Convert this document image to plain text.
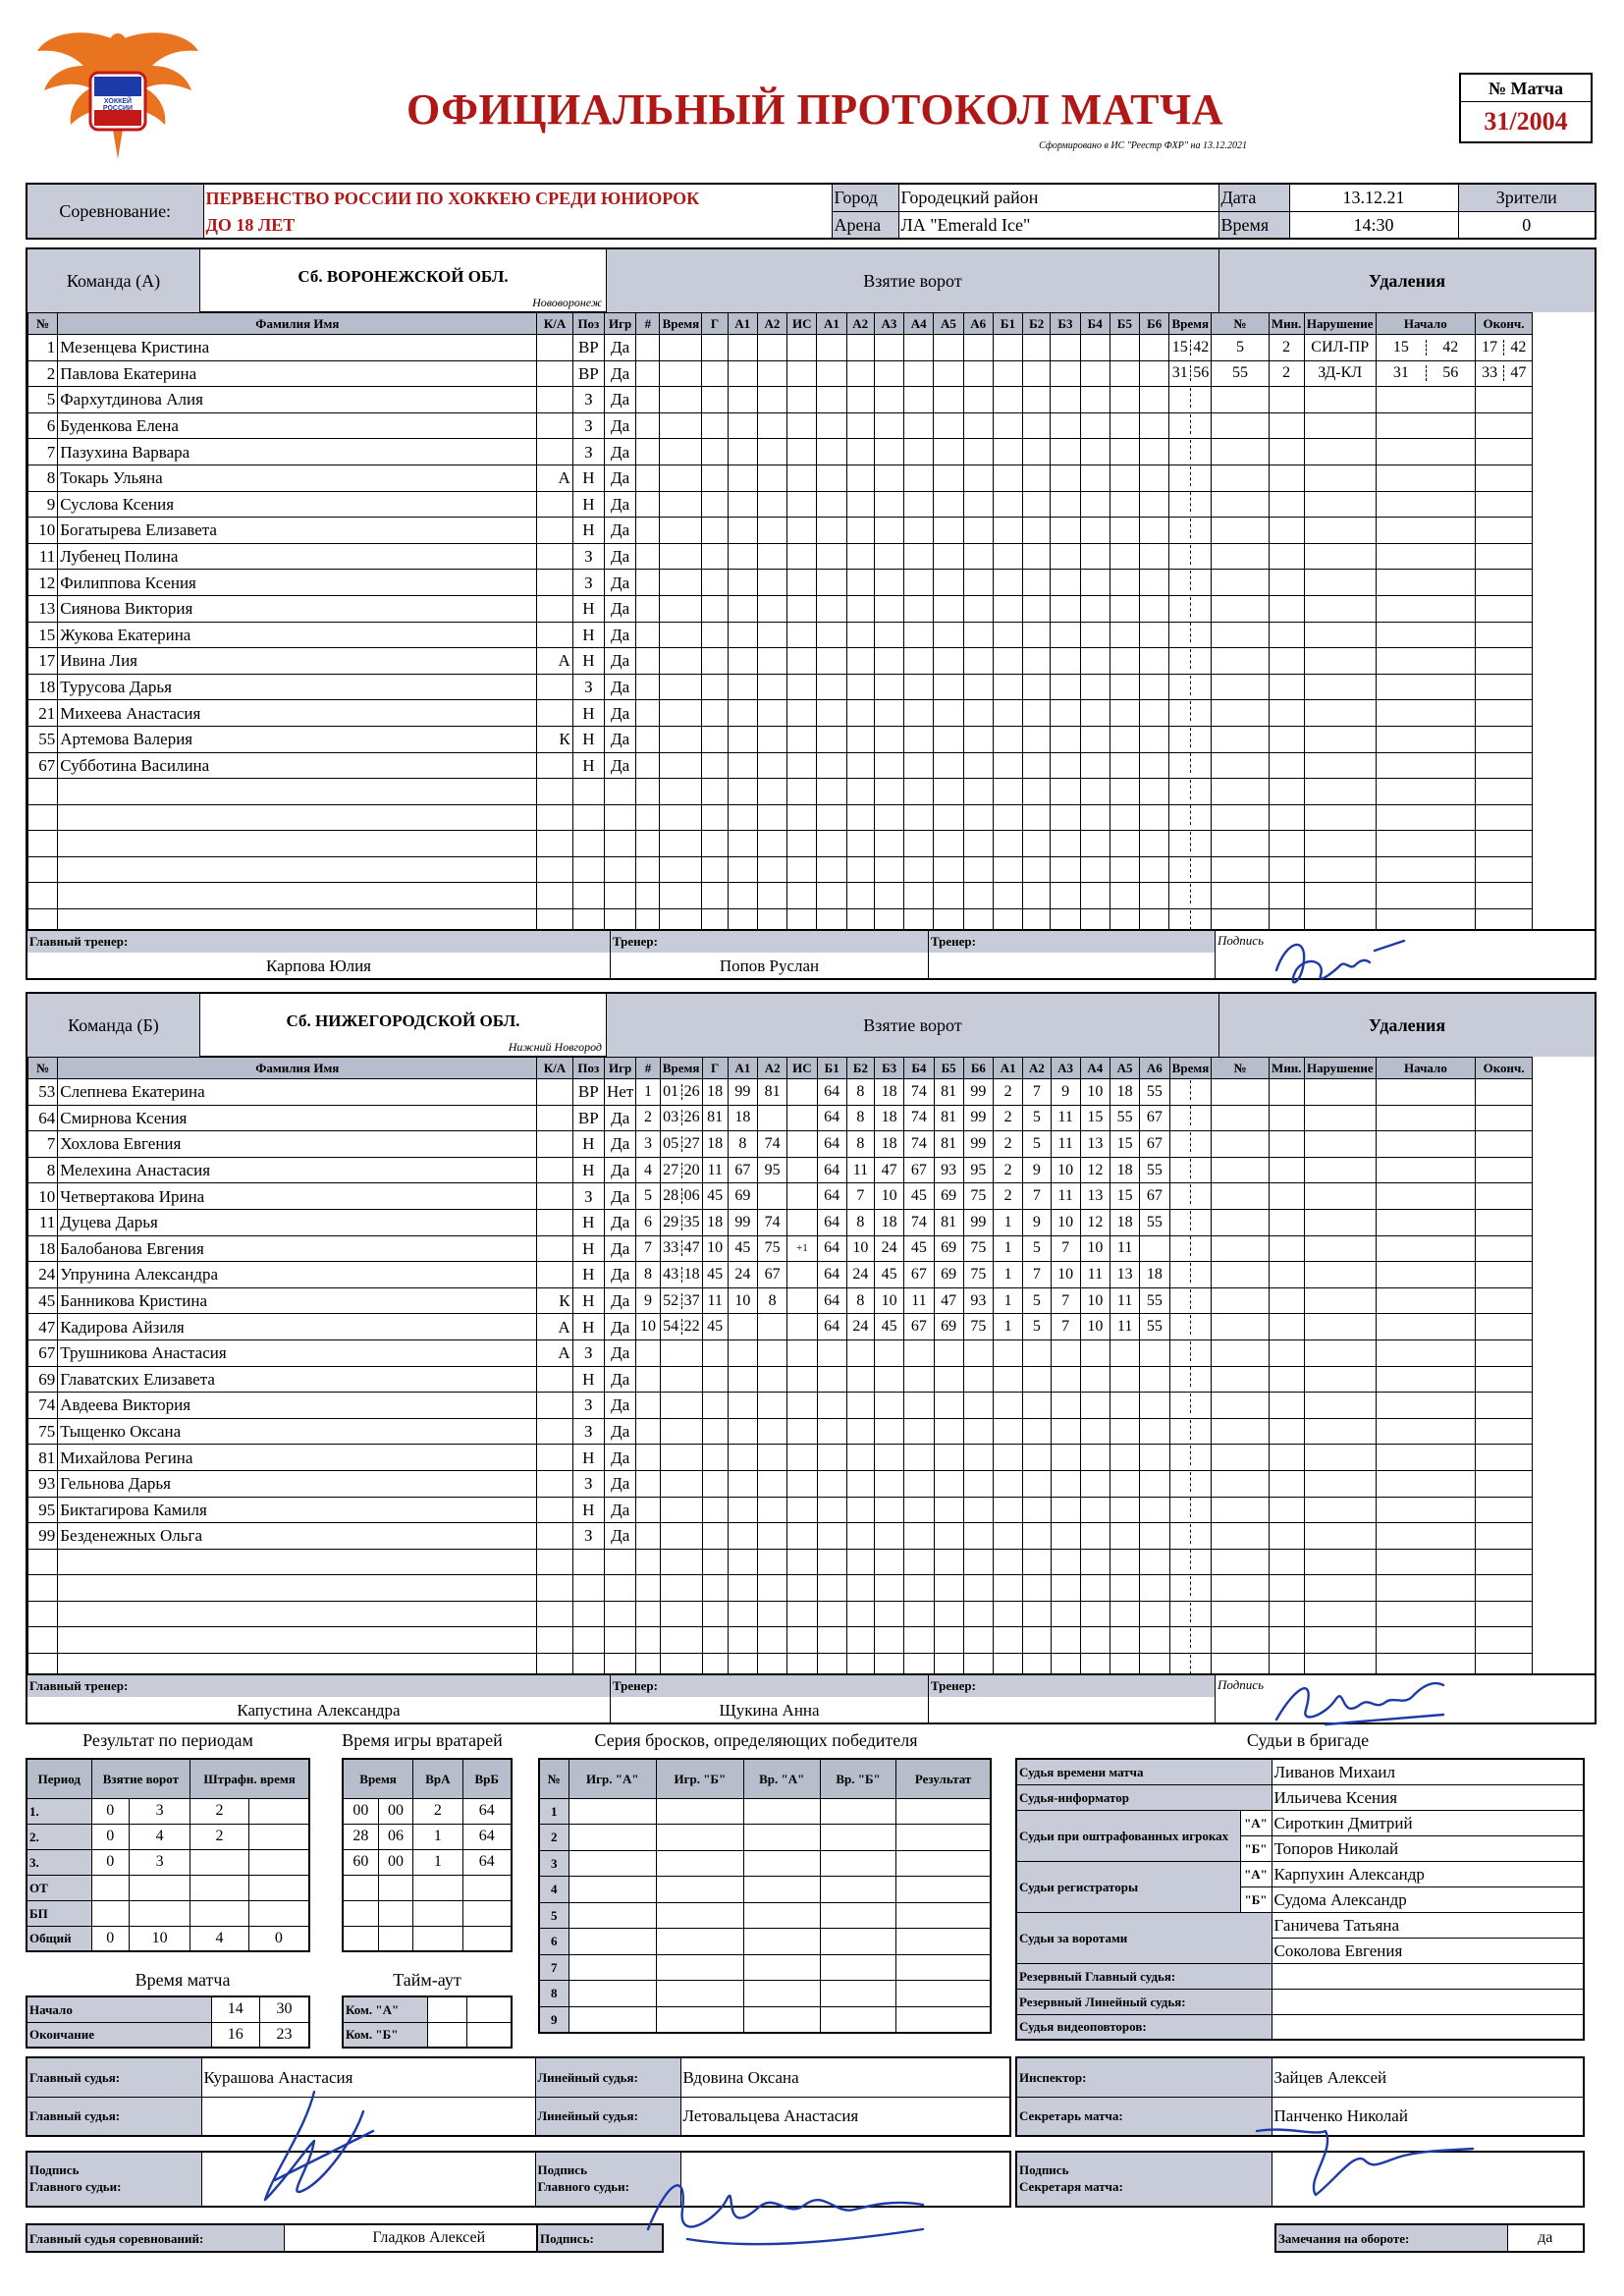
ХОККЕЙ РОССИИ	ОФИЦИАЛЬНЫЙ ПРОТОКОЛ МАТЧА
Сформировано в ИС "Реестр ФХР" на 13.12.2021
№ Матча
31/2004
Соревнование:	ПЕРВЕНСТВО РОССИИ ПО ХОККЕЮ СРЕДИ ЮНИОРОК	Город	Городецкий район	Дата	13.12.21	Зрители
	ДО 18 ЛЕТ	Арена	ЛА "Emerald Ice"	Время	14:30	0
Команда (А)	Сб. ВОРОНЕЖСКОЙ ОБЛ.
Нововоронеж
Взятие ворот	Удаления
№	Фамилия Имя	К/А	Поз	Игр	#	Время	Г	А1	А2	ИС	А1	А2	А3	А4	А5	А6	Б1	Б2	Б3	Б4	Б5	Б6	Время	№	Мин.	Нарушение	Начало	Оконч.
1	Мезенцева Кристина		ВР	Да																			15 42	5	2	СИЛ-ПР	15 42	17 42
2	Павлова Екатерина		ВР	Да																			31 56	55	2	ЗД-КЛ	31 56	33 47
5	Фархутдинова Алия		З	Да																								
6	Буденкова Елена		З	Да																								
7	Пазухина Варвара		З	Да																								
8	Токарь Ульяна	А	Н	Да																								
9	Суслова Ксения		Н	Да																								
10	Богатырева Елизавета		Н	Да																								
11	Лубенец Полина		З	Да																								
12	Филиппова Ксения		З	Да																								
13	Сиянова Виктория		Н	Да																								
15	Жукова Екатерина		Н	Да																								
17	Ивина Лия	А	Н	Да																								
18	Турусова Дарья		З	Да																								
21	Михеева Анастасия		Н	Да																								
55	Артемова Валерия	К	Н	Да																								
67	Субботина Василина		Н	Да																								

Главный тренер:
Карпова Юлия
Тренер:
Попов Руслан
Тренер:	Подпись
Команда (Б)	Сб. НИЖЕГОРОДСКОЙ ОБЛ.
Нижний Новгород
Взятие ворот	Удаления
№	Фамилия Имя	К/А	Поз	Игр	#	Время	Г	А1	А2	ИС	Б1	Б2	Б3	Б4	Б5	Б6	А1	А2	А3	А4	А5	А6	Время	№	Мин.	Нарушение	Начало	Оконч.
53	Слепнева Екатерина		ВР	Нет	1	01 26	18	99	81		64	8	18	74	81	99	2	7	9	10	18	55						
64	Смирнова Ксения		ВР	Да	2	03 26	81	18			64	8	18	74	81	99	2	5	11	15	55	67						
7	Хохлова Евгения		Н	Да	3	05 27	18	8	74		64	8	18	74	81	99	2	5	11	13	15	67						
8	Мелехина Анастасия		Н	Да	4	27 20	11	67	95		64	11	47	67	93	95	2	9	10	12	18	55						
10	Четвертакова Ирина		З	Да	5	28 06	45	69			64	7	10	45	69	75	2	7	11	13	15	67						
11	Дуцева Дарья		Н	Да	6	29 35	18	99	74		64	8	18	74	81	99	1	9	10	12	18	55						
18	Балобанова Евгения		Н	Да	7	33 47	10	45	75	+1	64	10	24	45	69	75	1	5	7	10	11							
24	Упрунина Александра		Н	Да	8	43 18	45	24	67		64	24	45	67	69	75	1	7	10	11	13	18						
45	Банникова Кристина	К	Н	Да	9	52 37	11	10	8		64	8	10	11	47	93	1	5	7	10	11	55						
47	Кадирова Айзиля	А	Н	Да	10	54 22	45				64	24	45	67	69	75	1	5	7	10	11	55						
67	Трушникова Анастасия	А	З	Да																								
69	Главатских Елизавета		Н	Да																								
74	Авдеева Виктория		З	Да																								
75	Тыщенко Оксана		З	Да																								
81	Михайлова Регина		Н	Да																								
93	Гельнова Дарья		З	Да																								
95	Биктагирова Камиля		Н	Да																								
99	Безденежных Ольга		З	Да																								

Главный тренер:
Капустина Александра
Тренер:
Щукина Анна
Тренер:	Подпись
Результат по периодам
Период	Взятие ворот		Штрафн. время	
1.	0	3	2	
2.	0	4	2	
3.	0	3		
ОТ				
БП				
Общий	0	10	4	0
Время игры вратарей
Время		ВрА	ВрБ
00	00	2	64
28	06	1	64
60	00	1	64

Время матча
Начало	14	30
Окончание	16	23
Тайм-аут
Ком. "А"		
Ком. "Б"		
Серия бросков, определяющих победителя
№	Игр. "А"	Игр. "Б"	Вр. "А"	Вр. "Б"	Результат
1					
2					
3					
4					
5					
6					
7					
8					
9					
Судьи в бригаде
Судья времени матча		Ливанов Михаил
Судья-информатор		Ильичева Ксения
Судьи при оштрафованных игроках	"А"	Сироткин Дмитрий
	"Б"	Топоров Николай
Судьи регистраторы	"А"	Карпухин Александр
	"Б"	Судома Александр
Судьи за воротами		Ганичева Татьяна
		Соколова Евгения
Резервный Главный судья:		
Резервный Линейный судья:		
Судья видеоповторов:		
Главный судья:	Курашова Анастасия	Линейный судья:	Вдовина Оксана
Главный судья:		Линейный судья:	Летовальцева Анастасия
Инспектор:	Зайцев Алексей
Секретарь матча:	Панченко Николай
Подпись
Главного судьи:		Подпись
Главного судьи:	
Подпись
Секретаря матча:	
Главный судья соревнований:	Гладков Алексей	Подпись:	Замечания на обороте:	да
